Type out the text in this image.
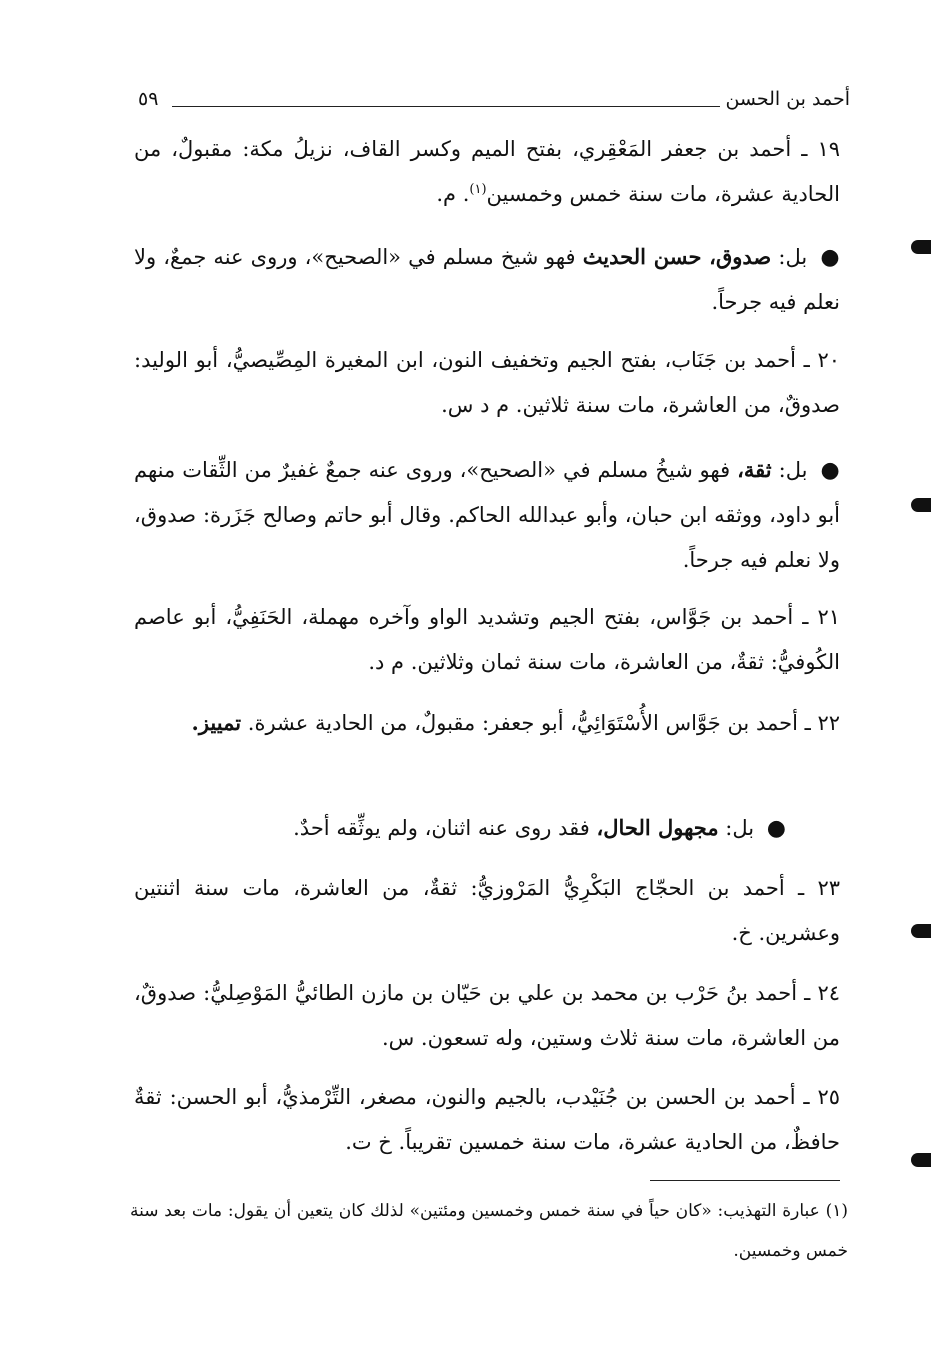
أحمد بن الحسن
٥٩
١٩ ـ أحمد بن جعفر المَعْقِري، بفتح الميم وكسر القاف، نزيلُ مكة: مقبولٌ، من الحادية عشرة، مات سنة خمس وخمسين$^{(١)}$. م.
● بل: صدوق، حسن الحديث فهو شيخ مسلم في «الصحيح»، وروى عنه جمعٌ، ولا نعلم فيه جرحاً.
٢٠ ـ أحمد بن جَنَاب، بفتح الجيم وتخفيف النون، ابن المغيرة المِصِّيصيُّ، أبو الوليد: صدوقٌ، من العاشرة، مات سنة ثلاثين. م د س.
● بل: ثقة، فهو شيخُ مسلم في «الصحيح»، وروى عنه جمعٌ غفيرٌ من الثِّقات منهم أبو داود، ووثقه ابن حبان، وأبو عبدالله الحاكم. وقال أبو حاتم وصالح جَزَرة: صدوق، ولا نعلم فيه جرحاً.
٢١ ـ أحمد بن جَوَّاس، بفتح الجيم وتشديد الواو وآخره مهملة، الحَنَفِيُّ، أبو عاصم الكُوفيُّ: ثقةٌ، من العاشرة، مات سنة ثمان وثلاثين. م د.
٢٢ ـ أحمد بن جَوَّاس الأُسْتَوَائِيُّ، أبو جعفر: مقبولٌ، من الحادية عشرة. تمييز.
● بل: مجهول الحال، فقد روى عنه اثنان، ولم يوثِّقه أحدٌ.
٢٣ ـ أحمد بن الحجّاج البَكْرِيُّ المَرْوزيُّ: ثقةٌ، من العاشرة، مات سنة اثنتين وعشرين. خ.
٢٤ ـ أحمد بنُ حَرْب بن محمد بن علي بن حَيّان بن مازن الطائيُّ المَوْصِليُّ: صدوقٌ، من العاشرة، مات سنة ثلاث وستين، وله تسعون. س.
٢٥ ـ أحمد بن الحسن بن جُنَيْدب، بالجيم والنون، مصغر، التِّرْمذيُّ، أبو الحسن: ثقةٌ حافظٌ، من الحادية عشرة، مات سنة خمسين تقريباً. خ ت.
(١) عبارة التهذيب: «كان حياً في سنة خمس وخمسين ومئتين» لذلك كان يتعين أن يقول: مات بعد سنة خمس وخمسين.
